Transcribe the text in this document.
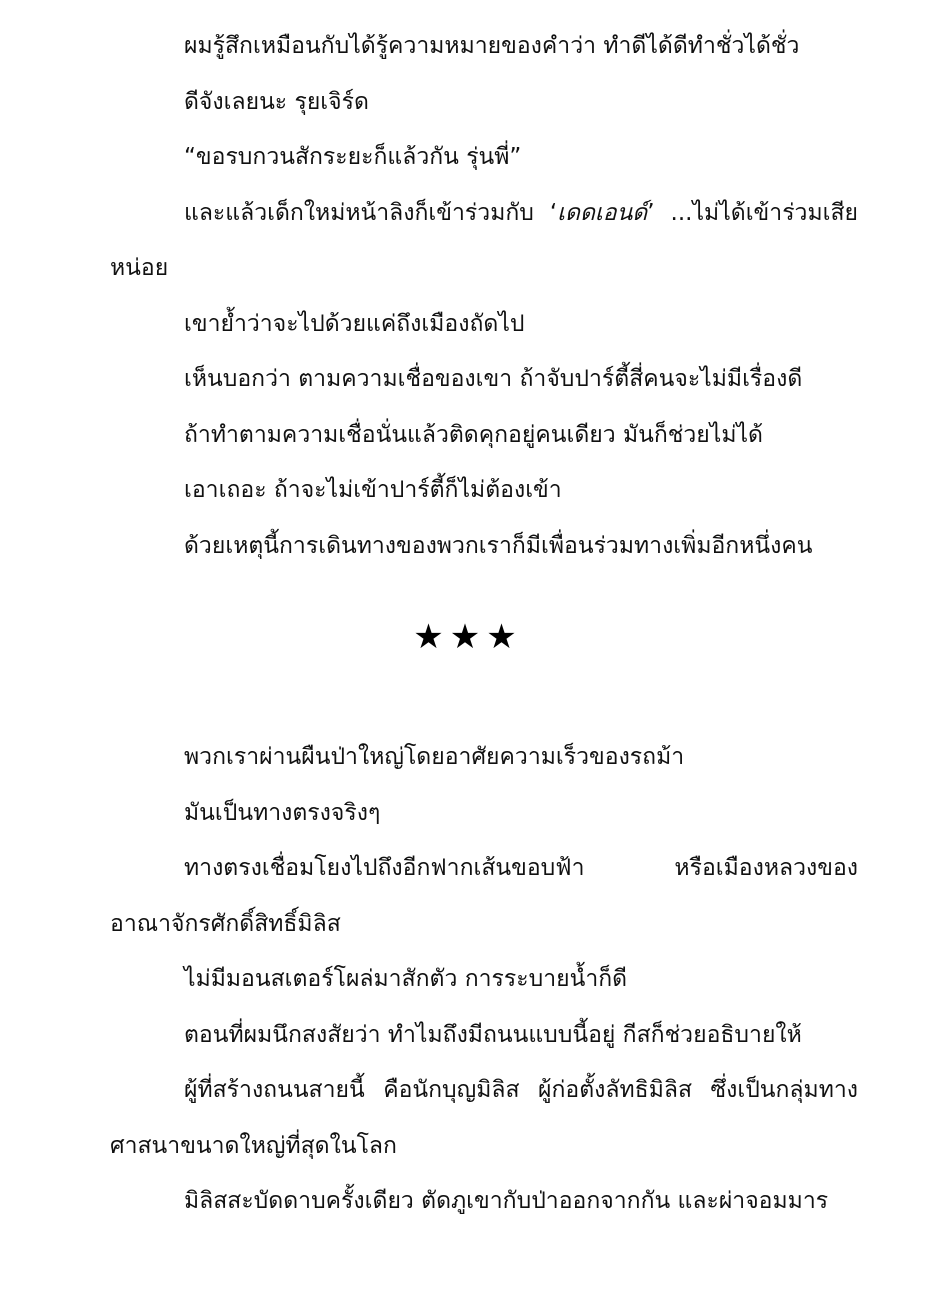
ผมรู้สึกเหมือนกับได้รู้ความหมายของคำว่า ทำดีได้ดีทำชั่วได้ชั่ว

ดีจังเลยนะ รุยเจิร์ด

“ขอรบกวนสักระยะก็แล้วกัน รุ่นพี่”

และแล้วเด็กใหม่หน้าลิงก็เข้าร่วมกับ ‘เดดเอนด์’ ...ไม่ได้เข้าร่วมเสียหน่อย

เขาย้ำว่าจะไปด้วยแค่ถึงเมืองถัดไป

เห็นบอกว่า ตามความเชื่อของเขา ถ้าจับปาร์ตี้สี่คนจะไม่มีเรื่องดี

ถ้าทำตามความเชื่อนั่นแล้วติดคุกอยู่คนเดียว มันก็ช่วยไม่ได้

เอาเถอะ ถ้าจะไม่เข้าปาร์ตี้ก็ไม่ต้องเข้า

ด้วยเหตุนี้การเดินทางของพวกเราก็มีเพื่อนร่วมทางเพิ่มอีกหนึ่งคน

★★★

พวกเราผ่านผืนป่าใหญ่โดยอาศัยความเร็วของรถม้า

มันเป็นทางตรงจริงๆ

ทางตรงเชื่อมโยงไปถึงอีกฟากเส้นขอบฟ้า หรือเมืองหลวงของอาณาจักรศักดิ์สิทธิ์มิลิส

ไม่มีมอนสเตอร์โผล่มาสักตัว การระบายน้ำก็ดี

ตอนที่ผมนึกสงสัยว่า ทำไมถึงมีถนนแบบนี้อยู่ กีสก็ช่วยอธิบายให้

ผู้ที่สร้างถนนสายนี้ คือนักบุญมิลิส ผู้ก่อตั้งลัทธิมิลิส ซึ่งเป็นกลุ่มทางศาสนาขนาดใหญ่ที่สุดในโลก

มิลิสสะบัดดาบครั้งเดียว ตัดภูเขากับป่าออกจากกัน และผ่าจอมมาร
